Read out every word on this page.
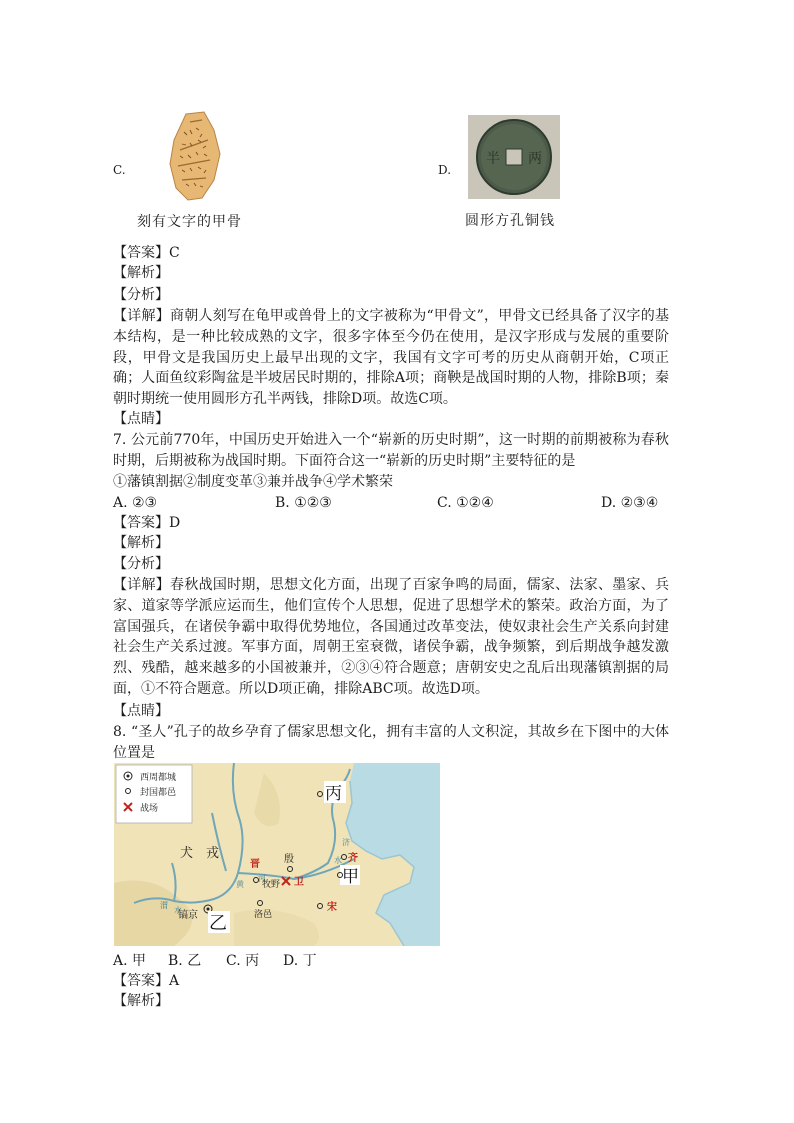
C.
刻有文字的甲骨
D.
半 两
圆形方孔铜钱
【答案】C
【解析】
【分析】
【详解】商朝人刻写在龟甲或兽骨上的文字被称为“甲骨文”，甲骨文已经具备了汉字的基本结构，是一种比较成熟的文字，很多字体至今仍在使用，是汉字形成与发展的重要阶段，甲骨文是我国历史上最早出现的文字，我国有文字可考的历史从商朝开始，C项正确；人面鱼纹彩陶盆是半坡居民时期的，排除A项；商鞅是战国时期的人物，排除B项；秦朝时期统一使用圆形方孔半两钱，排除D项。故选C项。
【点睛】
7. 公元前770年，中国历史开始进入一个“崭新的历史时期”，这一时期的前期被称为春秋时期，后期被称为战国时期。下面符合这一“崭新的历史时期”主要特征的是
①藩镇割据②制度变革③兼并战争④学术繁荣
A. ②③	B. ①②③	C. ①②④	D. ②③④
【答案】D
【解析】
【分析】
【详解】春秋战国时期，思想文化方面，出现了百家争鸣的局面，儒家、法家、墨家、兵家、道家等学派应运而生，他们宣传个人思想，促进了思想学术的繁荣。政治方面，为了富国强兵，在诸侯争霸中取得优势地位，各国通过改革变法，使奴隶社会生产关系向封建社会生产关系过渡。军事方面，周朝王室衰微，诸侯争霸，战争频繁，到后期战争越发激烈、残酷，越来越多的小国被兼并，②③④符合题意；唐朝安史之乱后出现藩镇割据的局面，①不符合题意。所以D项正确，排除ABC项。故选D项。
【点睛】
8. “圣人”孔子的故乡孕育了儒家思想文化，拥有丰富的人文积淀，其故乡在下图中的大体位置是
西周都城
封国都邑
战场
犬　戎
黄
河
济
水
渭
水
殷
晋
牧野 卫
洛邑
齐
宋
镐京
甲
乙
丙
A. 甲 B. 乙 C. 丙 D. 丁
【答案】A
【解析】
